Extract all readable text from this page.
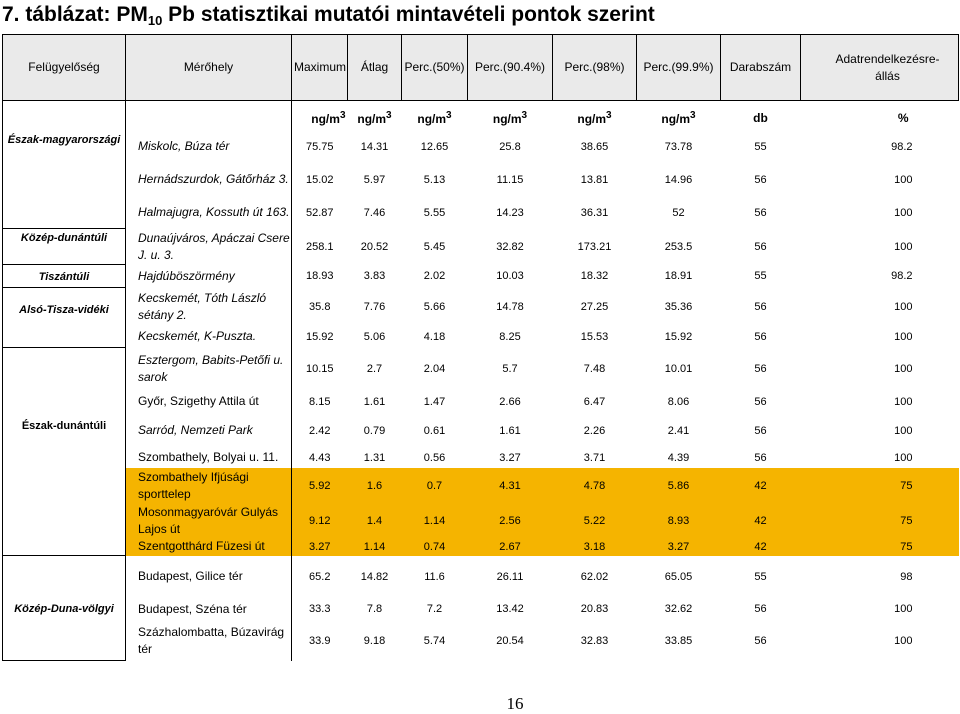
7. táblázat: $PM_{10}$ Pb statisztikai mutatói mintavételi pontok szerint
Felügyelőség	Mérőhely	Maximum	Átlag	Perc.(50%)	Perc.(90.4%)	Perc.(98%)	Perc.(99.9%)	Darabszám	Adatrendelkezésre-állás
		$ng/m^3$	$ng/m^3$	$ng/m^3$	$ng/m^3$	$ng/m^3$	$ng/m^3$	db	%
Észak-magyarországi	Miskolc, Búza tér	75.75	14.31	12.65	25.8	38.65	73.78	55	98.2
	Hernádszurdok, Gátőrház 3.	15.02	5.97	5.13	11.15	13.81	14.96	56	100
	Halmajugra, Kossuth út 163.	52.87	7.46	5.55	14.23	36.31	52	56	100
Közép-dunántúli	Dunaújváros, Apáczai Csere J. u. 3.	258.1	20.52	5.45	32.82	173.21	253.5	56	100
Tiszántúli	Hajdúböszörmény	18.93	3.83	2.02	10.03	18.32	18.91	55	98.2
Alsó-Tisza-vidéki	Kecskemét, Tóth László sétány 2.	35.8	7.76	5.66	14.78	27.25	35.36	56	100
	Kecskemét, K-Puszta.	15.92	5.06	4.18	8.25	15.53	15.92	56	100
Észak-dunántúli	Esztergom, Babits-Petőfi u. sarok	10.15	2.7	2.04	5.7	7.48	10.01	56	100
	Győr, Szigethy Attila út	8.15	1.61	1.47	2.66	6.47	8.06	56	100
	Sarród, Nemzeti Park	2.42	0.79	0.61	1.61	2.26	2.41	56	100
	Szombathely, Bolyai u. 11.	4.43	1.31	0.56	3.27	3.71	4.39	56	100
	Szombathely Ifjúsági sporttelep	5.92	1.6	0.7	4.31	4.78	5.86	42	75
	Mosonmagyaróvár Gulyás Lajos út	9.12	1.4	1.14	2.56	5.22	8.93	42	75
	Szentgotthárd Füzesi út	3.27	1.14	0.74	2.67	3.18	3.27	42	75
Közép-Duna-völgyi	Budapest, Gilice tér	65.2	14.82	11.6	26.11	62.02	65.05	55	98
	Budapest, Széna tér	33.3	7.8	7.2	13.42	20.83	32.62	56	100
	Százhalombatta, Búzavirág tér	33.9	9.18	5.74	20.54	32.83	33.85	56	100
16
